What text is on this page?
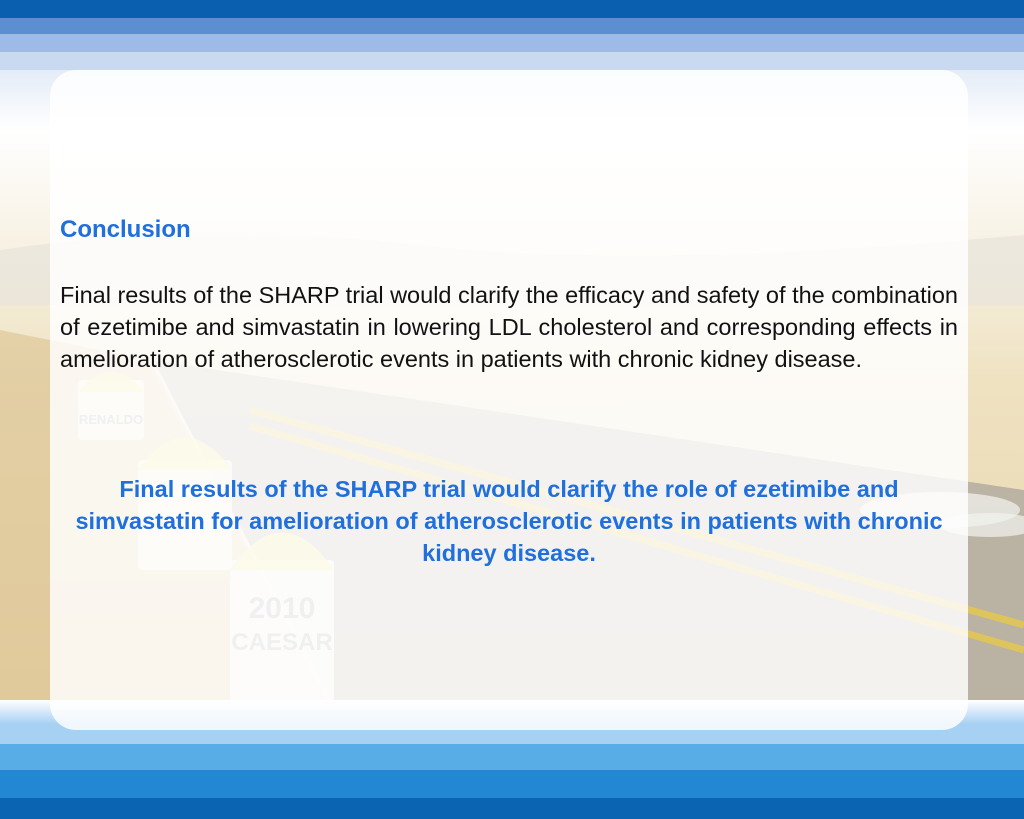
Conclusion

Final results of the SHARP trial would clarify the efficacy and safety of the combination of ezetimibe and simvastatin in lowering LDL cholesterol and corresponding effects in amelioration of atherosclerotic events in patients with chronic kidney disease.

Final results of the SHARP trial would clarify the role of ezetimibe and simvastatin for amelioration of atherosclerotic events in patients with chronic kidney disease.
